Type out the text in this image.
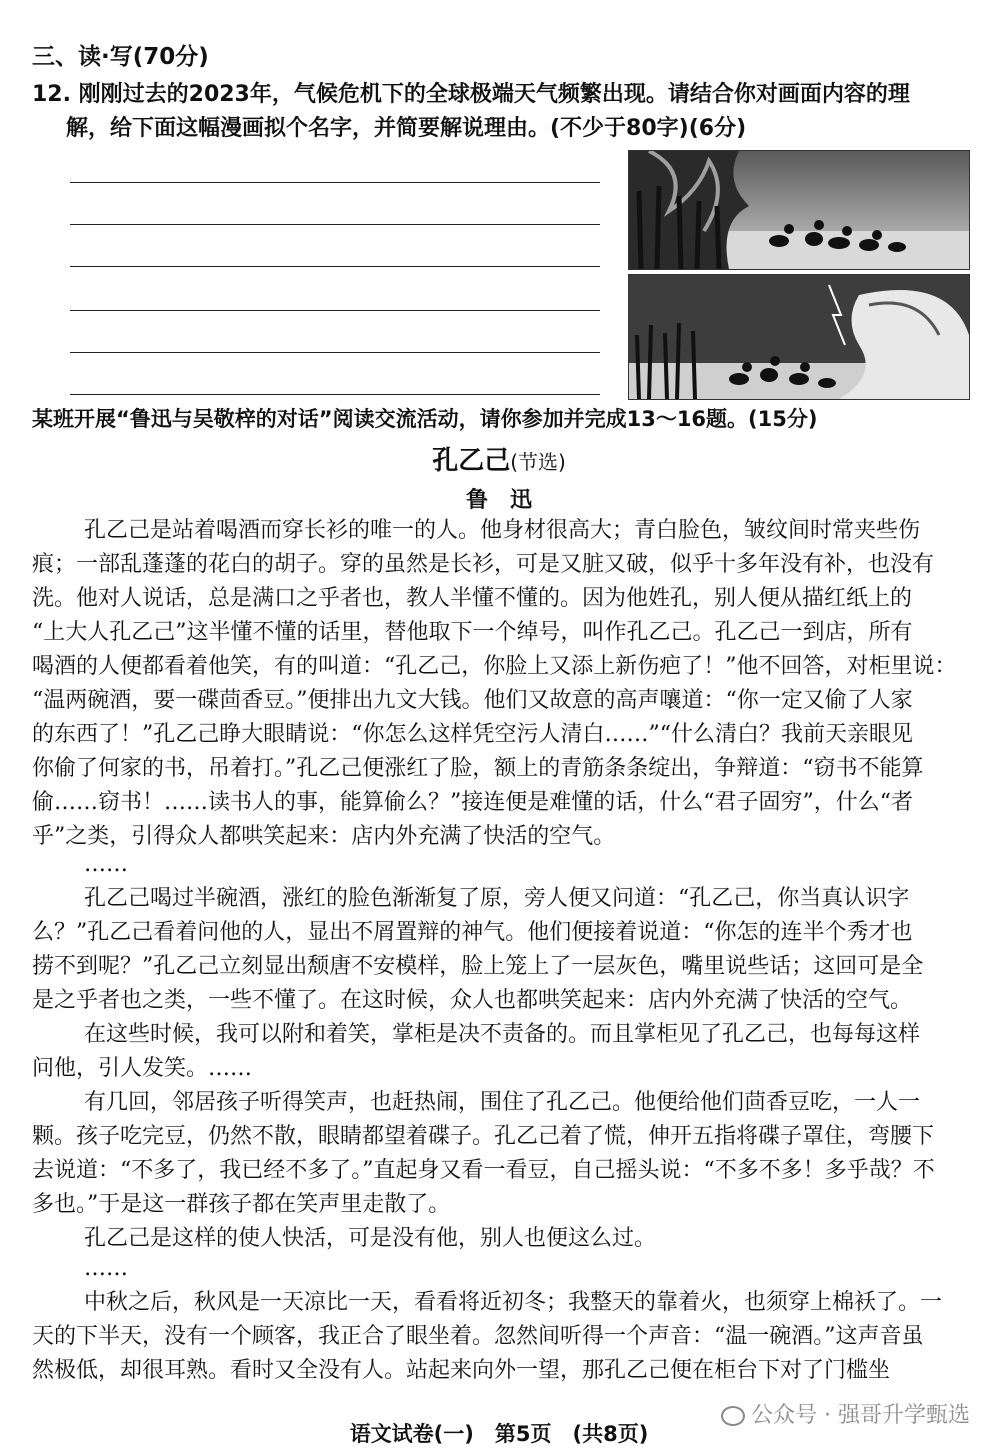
三、读·写(70分)
12. 刚刚过去的2023年，气候危机下的全球极端天气频繁出现。请结合你对画面内容的理
解，给下面这幅漫画拟个名字，并简要解说理由。(不少于80字)(6分)
某班开展“鲁迅与吴敬梓的对话”阅读交流活动，请你参加并完成13～16题。(15分)
孔乙己(节选)
鲁　迅
孔乙己是站着喝酒而穿长衫的唯一的人。他身材很高大；青白脸色，皱纹间时常夹些伤
痕；一部乱蓬蓬的花白的胡子。穿的虽然是长衫，可是又脏又破，似乎十多年没有补，也没有
洗。他对人说话，总是满口之乎者也，教人半懂不懂的。因为他姓孔，别人便从描红纸上的
“上大人孔乙己”这半懂不懂的话里，替他取下一个绰号，叫作孔乙己。孔乙己一到店，所有
喝酒的人便都看着他笑，有的叫道：“孔乙己，你脸上又添上新伤疤了！”他不回答，对柜里说：
“温两碗酒，要一碟茴香豆。”便排出九文大钱。他们又故意的高声嚷道：“你一定又偷了人家
的东西了！”孔乙己睁大眼睛说：“你怎么这样凭空污人清白……”“什么清白？我前天亲眼见
你偷了何家的书，吊着打。”孔乙己便涨红了脸，额上的青筋条条绽出，争辩道：“窃书不能算
偷……窃书！……读书人的事，能算偷么？”接连便是难懂的话，什么“君子固穷”，什么“者
乎”之类，引得众人都哄笑起来：店内外充满了快活的空气。
……
孔乙己喝过半碗酒，涨红的脸色渐渐复了原，旁人便又问道：“孔乙己，你当真认识字
么？”孔乙己看着问他的人，显出不屑置辩的神气。他们便接着说道：“你怎的连半个秀才也
捞不到呢？”孔乙己立刻显出颓唐不安模样，脸上笼上了一层灰色，嘴里说些话；这回可是全
是之乎者也之类，一些不懂了。在这时候，众人也都哄笑起来：店内外充满了快活的空气。
在这些时候，我可以附和着笑，掌柜是决不责备的。而且掌柜见了孔乙己，也每每这样
问他，引人发笑。……
有几回，邻居孩子听得笑声，也赶热闹，围住了孔乙己。他便给他们茴香豆吃，一人一
颗。孩子吃完豆，仍然不散，眼睛都望着碟子。孔乙己着了慌，伸开五指将碟子罩住，弯腰下
去说道：“不多了，我已经不多了。”直起身又看一看豆，自己摇头说：“不多不多！多乎哉？不
多也。”于是这一群孩子都在笑声里走散了。
孔乙己是这样的使人快活，可是没有他，别人也便这么过。
……
中秋之后，秋风是一天凉比一天，看看将近初冬；我整天的靠着火，也须穿上棉袄了。一
天的下半天，没有一个顾客，我正合了眼坐着。忽然间听得一个声音：“温一碗酒。”这声音虽
然极低，却很耳熟。看时又全没有人。站起来向外一望，那孔乙己便在柜台下对了门槛坐
公众号 · 强哥升学甄选
语文试卷(一)　第5页　(共8页)
